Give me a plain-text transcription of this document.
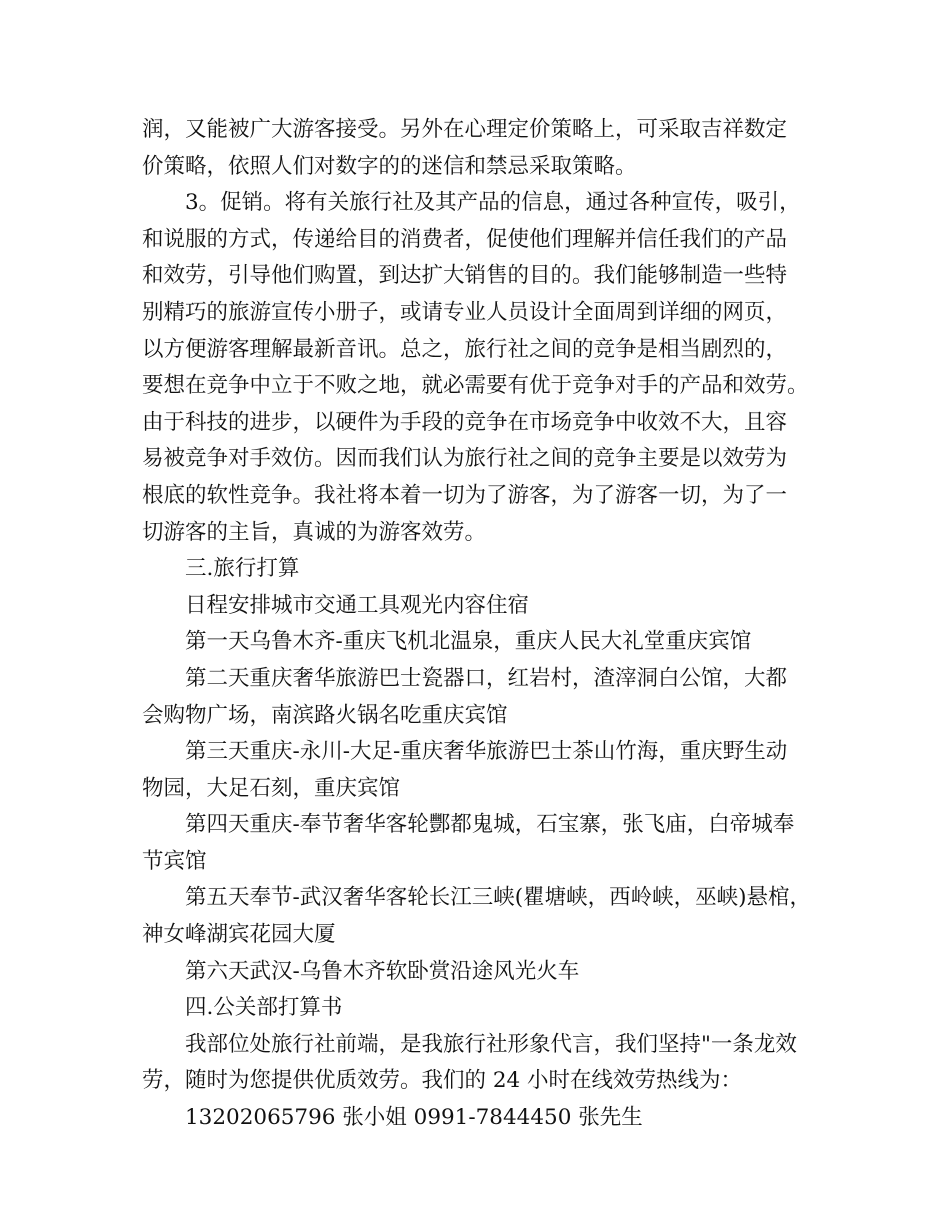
润，又能被广大游客接受。另外在心理定价策略上，可采取吉祥数定
价策略，依照人们对数字的的迷信和禁忌采取策略。
3。促销。将有关旅行社及其产品的信息，通过各种宣传，吸引，
和说服的方式，传递给目的消费者，促使他们理解并信任我们的产品
和效劳，引导他们购置，到达扩大销售的目的。我们能够制造一些特
别精巧的旅游宣传小册子，或请专业人员设计全面周到详细的网页，
以方便游客理解最新音讯。总之，旅行社之间的竞争是相当剧烈的，
要想在竞争中立于不败之地，就必需要有优于竞争对手的产品和效劳。
由于科技的进步，以硬件为手段的竞争在市场竞争中收效不大，且容
易被竞争对手效仿。因而我们认为旅行社之间的竞争主要是以效劳为
根底的软性竞争。我社将本着一切为了游客，为了游客一切，为了一
切游客的主旨，真诚的为游客效劳。
三.旅行打算
日程安排城市交通工具观光内容住宿
第一天乌鲁木齐-重庆飞机北温泉，重庆人民大礼堂重庆宾馆
第二天重庆奢华旅游巴士瓷器口，红岩村，渣滓洞白公馆，大都
会购物广场，南滨路火锅名吃重庆宾馆
第三天重庆-永川-大足-重庆奢华旅游巴士茶山竹海，重庆野生动
物园，大足石刻，重庆宾馆
第四天重庆-奉节奢华客轮酆都鬼城，石宝寨，张飞庙，白帝城奉
节宾馆
第五天奉节-武汉奢华客轮长江三峡(瞿塘峡，西岭峡，巫峡)悬棺，
神女峰湖宾花园大厦
第六天武汉-乌鲁木齐软卧赏沿途风光火车
四.公关部打算书
我部位处旅行社前端，是我旅行社形象代言，我们坚持"一条龙效
劳，随时为您提供优质效劳。我们的 24 小时在线效劳热线为：
13202065796 张小姐 0991-7844450 张先生
